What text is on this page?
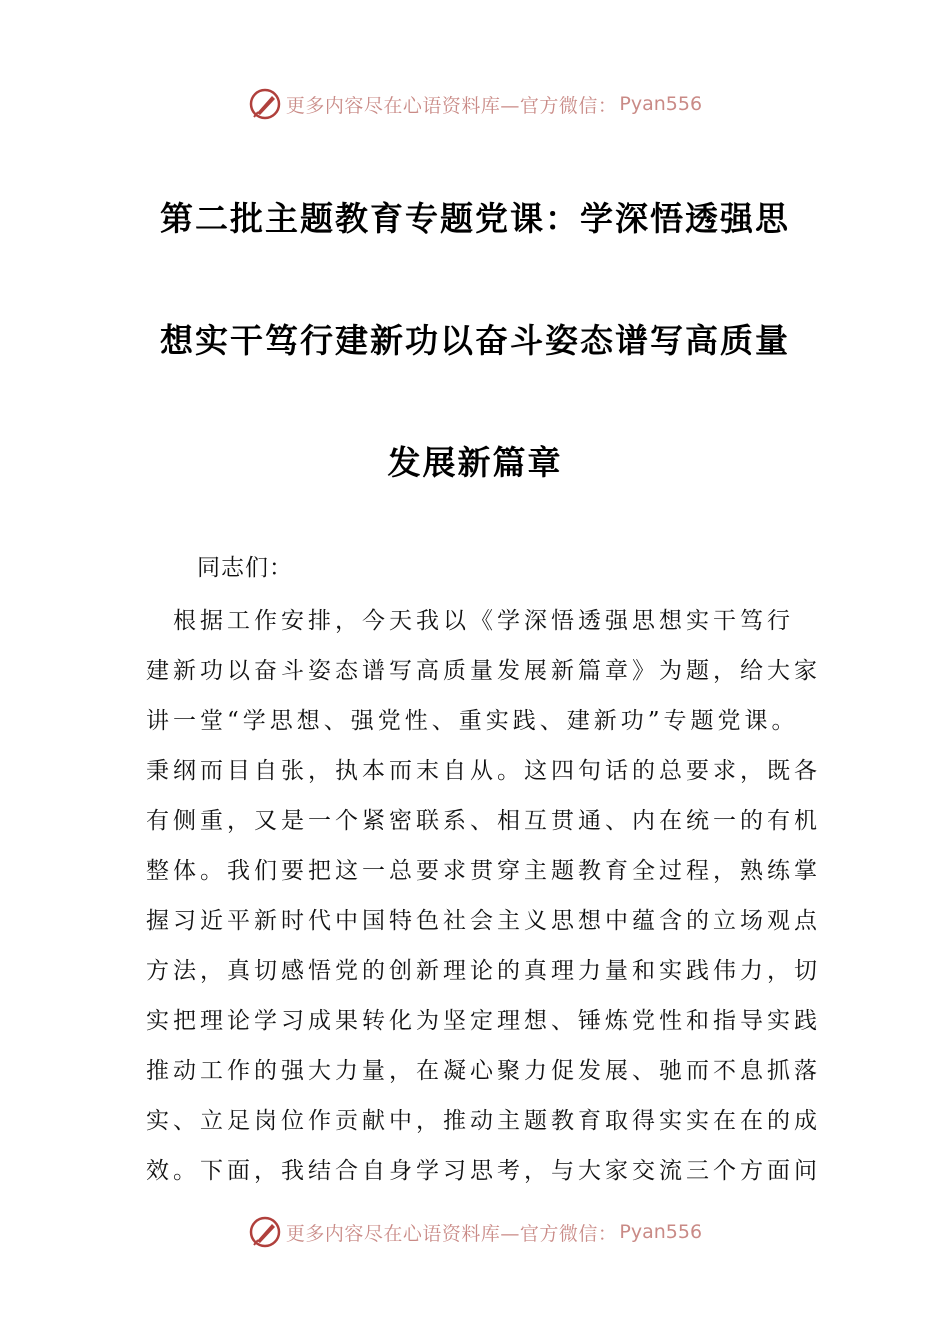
更多内容尽在心语资料库—官方微信： Pyan556
第二批主题教育专题党课：学深悟透强思
想实干笃行建新功以奋斗姿态谱写高质量
发展新篇章

同志们：

　根据工作安排，今天我以《学深悟透强思想实干笃行
建新功以奋斗姿态谱写高质量发展新篇章》为题，给大家
讲一堂“学思想、强党性、重实践、建新功”专题党课。
秉纲而目自张，执本而末自从。这四句话的总要求，既各
有侧重，又是一个紧密联系、相互贯通、内在统一的有机
整体。我们要把这一总要求贯穿主题教育全过程，熟练掌
握习近平新时代中国特色社会主义思想中蕴含的立场观点
方法，真切感悟党的创新理论的真理力量和实践伟力，切
实把理论学习成果转化为坚定理想、锤炼党性和指导实践
推动工作的强大力量，在凝心聚力促发展、驰而不息抓落
实、立足岗位作贡献中，推动主题教育取得实实在在的成
效。下面，我结合自身学习思考，与大家交流三个方面问

更多内容尽在心语资料库—官方微信： Pyan556
